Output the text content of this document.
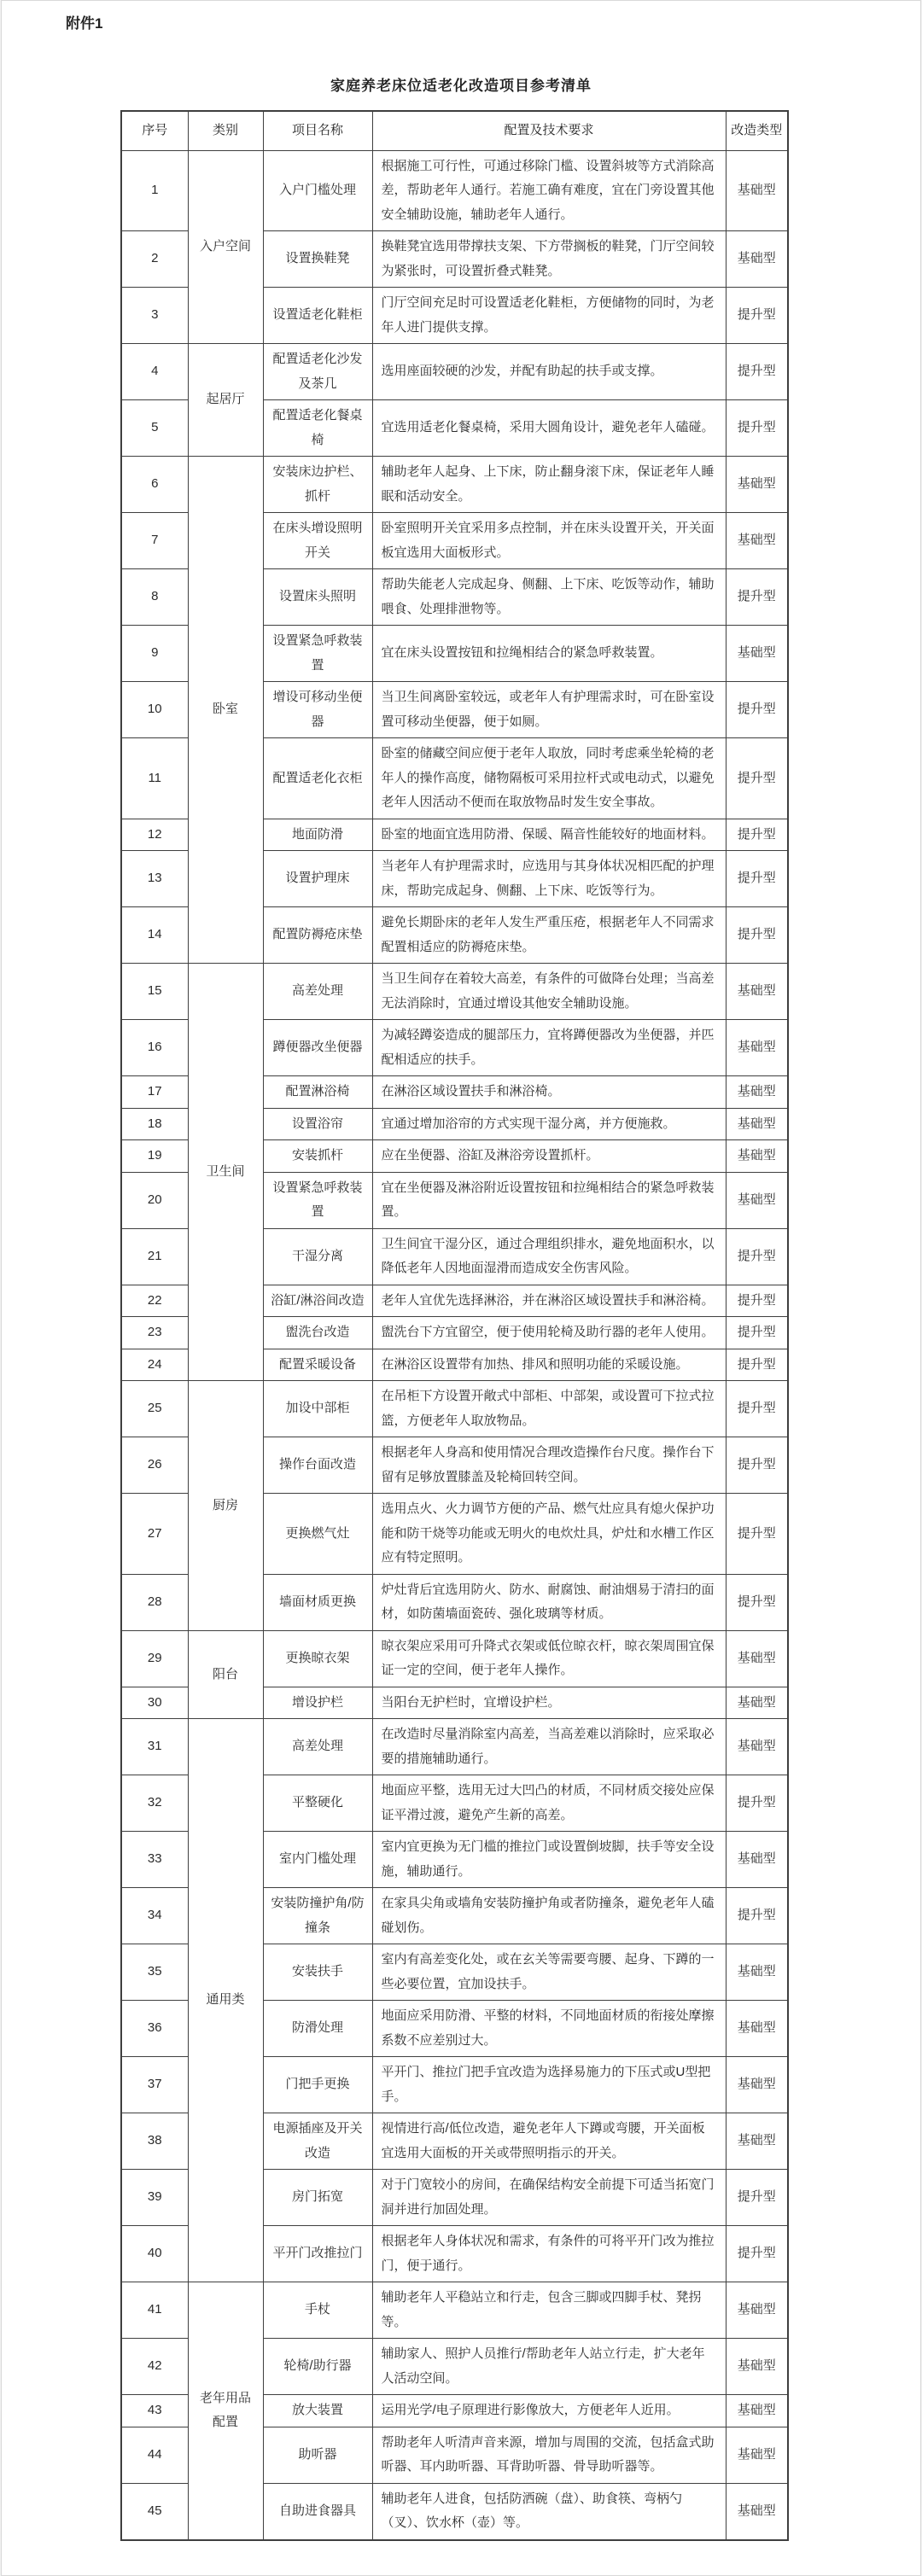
附件1
家庭养老床位适老化改造项目参考清单
序号	类别	项目名称	配置及技术要求	改造类型
1	入户空间	入户门槛处理	根据施工可行性，可通过移除门槛、设置斜坡等方式消除高差，帮助老年人通行。若施工确有难度，宜在门旁设置其他安全辅助设施，辅助老年人通行。	基础型
2		设置换鞋凳	换鞋凳宜选用带撑扶支架、下方带搁板的鞋凳，门厅空间较为紧张时，可设置折叠式鞋凳。	基础型
3		设置适老化鞋柜	门厅空间充足时可设置适老化鞋柜，方便储物的同时，为老年人进门提供支撑。	提升型
4	起居厅	配置适老化沙发及茶几	选用座面较硬的沙发，并配有助起的扶手或支撑。	提升型
5		配置适老化餐桌椅	宜选用适老化餐桌椅，采用大圆角设计，避免老年人磕碰。	提升型
6	卧室	安装床边护栏、抓杆	辅助老年人起身、上下床，防止翻身滚下床，保证老年人睡眠和活动安全。	基础型
7		在床头增设照明开关	卧室照明开关宜采用多点控制，并在床头设置开关，开关面板宜选用大面板形式。	基础型
8		设置床头照明	帮助失能老人完成起身、侧翻、上下床、吃饭等动作，辅助喂食、处理排泄物等。	提升型
9		设置紧急呼救装置	宜在床头设置按钮和拉绳相结合的紧急呼救装置。	基础型
10		增设可移动坐便器	当卫生间离卧室较远，或老年人有护理需求时，可在卧室设置可移动坐便器，便于如厕。	提升型
11		配置适老化衣柜	卧室的储藏空间应便于老年人取放，同时考虑乘坐轮椅的老年人的操作高度，储物隔板可采用拉杆式或电动式，以避免老年人因活动不便而在取放物品时发生安全事故。	提升型
12		地面防滑	卧室的地面宜选用防滑、保暖、隔音性能较好的地面材料。	提升型
13		设置护理床	当老年人有护理需求时，应选用与其身体状况相匹配的护理床，帮助完成起身、侧翻、上下床、吃饭等行为。	提升型
14		配置防褥疮床垫	避免长期卧床的老年人发生严重压疮，根据老年人不同需求配置相适应的防褥疮床垫。	提升型
15	卫生间	高差处理	当卫生间存在着较大高差，有条件的可做降台处理；当高差无法消除时，宜通过增设其他安全辅助设施。	基础型
16		蹲便器改坐便器	为减轻蹲姿造成的腿部压力，宜将蹲便器改为坐便器，并匹配相适应的扶手。	基础型
17		配置淋浴椅	在淋浴区域设置扶手和淋浴椅。	基础型
18		设置浴帘	宜通过增加浴帘的方式实现干湿分离，并方便施救。	基础型
19		安装抓杆	应在坐便器、浴缸及淋浴旁设置抓杆。	基础型
20		设置紧急呼救装置	宜在坐便器及淋浴附近设置按钮和拉绳相结合的紧急呼救装置。	基础型
21		干湿分离	卫生间宜干湿分区，通过合理组织排水，避免地面积水，以降低老年人因地面湿滑而造成安全伤害风险。	提升型
22		浴缸/淋浴间改造	老年人宜优先选择淋浴，并在淋浴区域设置扶手和淋浴椅。	提升型
23		盥洗台改造	盥洗台下方宜留空，便于使用轮椅及助行器的老年人使用。	提升型
24		配置采暖设备	在淋浴区设置带有加热、排风和照明功能的采暖设施。	提升型
25	厨房	加设中部柜	在吊柜下方设置开敞式中部柜、中部架，或设置可下拉式拉篮，方便老年人取放物品。	提升型
26		操作台面改造	根据老年人身高和使用情况合理改造操作台尺度。操作台下留有足够放置膝盖及轮椅回转空间。	提升型
27		更换燃气灶	选用点火、火力调节方便的产品、燃气灶应具有熄火保护功能和防干烧等功能或无明火的电炊灶具，炉灶和水槽工作区应有特定照明。	提升型
28		墙面材质更换	炉灶背后宜选用防火、防水、耐腐蚀、耐油烟易于清扫的面材，如防菌墙面瓷砖、强化玻璃等材质。	提升型
29	阳台	更换晾衣架	晾衣架应采用可升降式衣架或低位晾衣杆，晾衣架周围宜保证一定的空间，便于老年人操作。	基础型
30		增设护栏	当阳台无护栏时，宜增设护栏。	基础型
31	通用类	高差处理	在改造时尽量消除室内高差，当高差难以消除时，应采取必要的措施辅助通行。	基础型
32		平整硬化	地面应平整，选用无过大凹凸的材质，不同材质交接处应保证平滑过渡，避免产生新的高差。	提升型
33		室内门槛处理	室内宜更换为无门槛的推拉门或设置倒坡脚，扶手等安全设施，辅助通行。	基础型
34		安装防撞护角/防撞条	在家具尖角或墙角安装防撞护角或者防撞条，避免老年人磕碰划伤。	提升型
35		安装扶手	室内有高差变化处，或在玄关等需要弯腰、起身、下蹲的一些必要位置，宜加设扶手。	基础型
36		防滑处理	地面应采用防滑、平整的材料，不同地面材质的衔接处摩擦系数不应差别过大。	基础型
37		门把手更换	平开门、推拉门把手宜改造为选择易施力的下压式或U型把手。	基础型
38		电源插座及开关改造	视情进行高/低位改造，避免老年人下蹲或弯腰，开关面板宜选用大面板的开关或带照明指示的开关。	基础型
39		房门拓宽	对于门宽较小的房间，在确保结构安全前提下可适当拓宽门洞并进行加固处理。	提升型
40		平开门改推拉门	根据老年人身体状况和需求，有条件的可将平开门改为推拉门，便于通行。	提升型
41	老年用品配置	手杖	辅助老年人平稳站立和行走，包含三脚或四脚手杖、凳拐等。	基础型
42		轮椅/助行器	辅助家人、照护人员推行/帮助老年人站立行走，扩大老年人活动空间。	基础型
43		放大装置	运用光学/电子原理进行影像放大，方便老年人近用。	基础型
44		助听器	帮助老年人听清声音来源，增加与周围的交流，包括盒式助听器、耳内助听器、耳背助听器、骨导助听器等。	基础型
45		自助进食器具	辅助老年人进食，包括防洒碗（盘）、助食筷、弯柄勺（叉）、饮水杯（壶）等。	基础型
